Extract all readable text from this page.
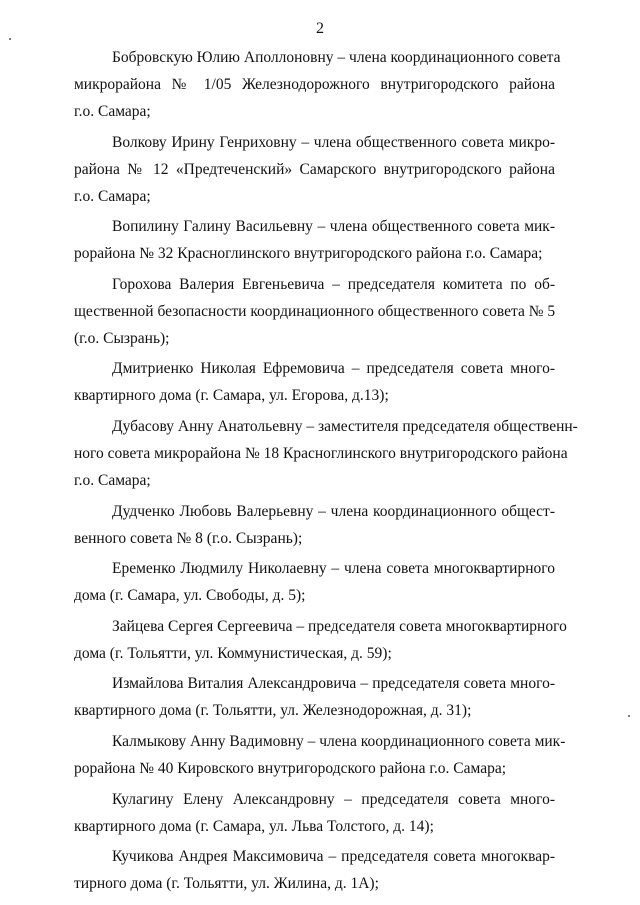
2

Бобровскую Юлию Аполлоновну – члена координационного совета
микрорайона № 1/05 Железнодорожного внутригородского района
г.о. Самара;

Волкову Ирину Генриховну – члена общественного совета микро-
района № 12 «Предтеченский» Самарского внутригородского района
г.о. Самара;

Вопилину Галину Васильевну – члена общественного совета мик-
рорайона № 32 Красноглинского внутригородского района г.о. Самара;

Горохова Валерия Евгеньевича – председателя комитета по об-
щественной безопасности координационного общественного совета № 5
(г.о. Сызрань);

Дмитриенко Николая Ефремовича – председателя совета много-
квартирного дома (г. Самара, ул. Егорова, д.13);

Дубасову Анну Анатольевну – заместителя председателя общественн-
ного совета микрорайона № 18 Красноглинского внутригородского района
г.о. Самара;

Дудченко Любовь Валерьевну – члена координационного общест-
венного совета № 8 (г.о. Сызрань);

Еременко Людмилу Николаевну – члена совета многоквартирного
дома (г. Самара, ул. Свободы, д. 5);

Зайцева Сергея Сергеевича – председателя совета многоквартирного
дома (г. Тольятти, ул. Коммунистическая, д. 59);

Измайлова Виталия Александровича – председателя совета много-
квартирного дома (г. Тольятти, ул. Железнодорожная, д. 31);

Калмыкову Анну Вадимовну – члена координационного совета мик-
рорайона № 40 Кировского внутригородского района г.о. Самара;

Кулагину Елену Александровну – председателя совета много-
квартирного дома (г. Самара, ул. Льва Толстого, д. 14);

Кучикова Андрея Максимовича – председателя совета многоквар-
тирного дома (г. Тольятти, ул. Жилина, д. 1А);
